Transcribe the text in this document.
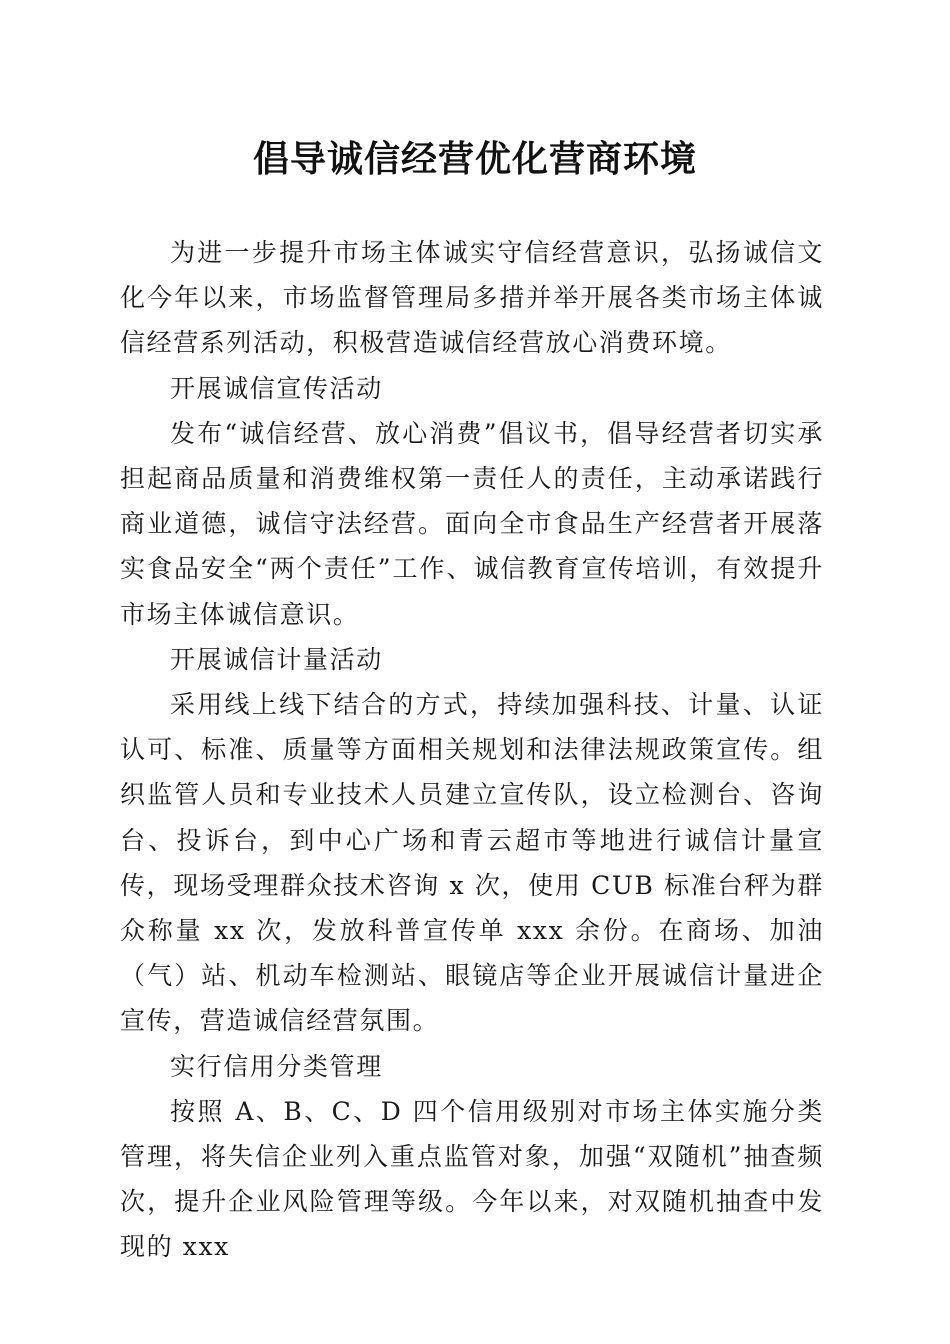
倡导诚信经营优化营商环境

为进一步提升市场主体诚实守信经营意识，弘扬诚信文化今年以来，市场监督管理局多措并举开展各类市场主体诚信经营系列活动，积极营造诚信经营放心消费环境。

开展诚信宣传活动

发布“诚信经营、放心消费”倡议书，倡导经营者切实承担起商品质量和消费维权第一责任人的责任，主动承诺践行商业道德，诚信守法经营。面向全市食品生产经营者开展落实食品安全“两个责任”工作、诚信教育宣传培训，有效提升市场主体诚信意识。

开展诚信计量活动

采用线上线下结合的方式，持续加强科技、计量、认证认可、标准、质量等方面相关规划和法律法规政策宣传。组织监管人员和专业技术人员建立宣传队，设立检测台、咨询台、投诉台，到中心广场和青云超市等地进行诚信计量宣传，现场受理群众技术咨询 x 次，使用 CUB 标准台秤为群众称量 xx 次，发放科普宣传单 xxx 余份。在商场、加油（气）站、机动车检测站、眼镜店等企业开展诚信计量进企宣传，营造诚信经营氛围。

实行信用分类管理

按照 A、B、C、D 四个信用级别对市场主体实施分类管理，将失信企业列入重点监管对象，加强“双随机”抽查频次，提升企业风险管理等级。今年以来，对双随机抽查中发现的 xxx
